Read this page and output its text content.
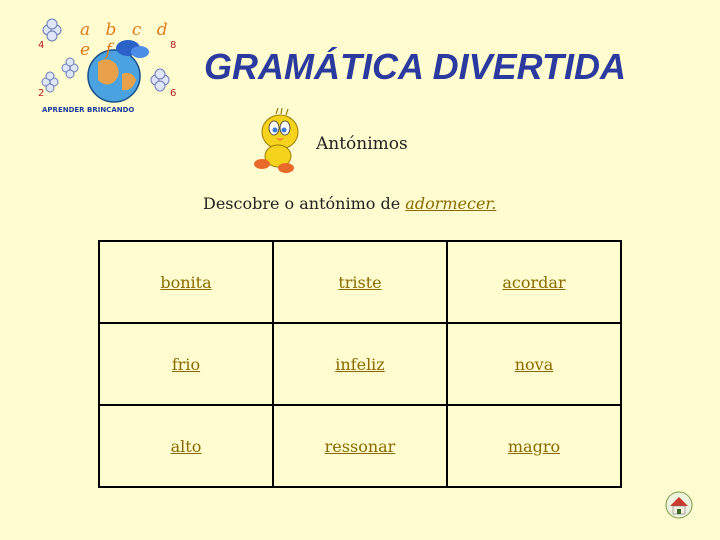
4	8
2	6
a b c d e f
APRENDER BRINCANDO
GRAMÁTICA DIVERTIDA
Antónimos
Descobre o antónimo de adormecer.
bonita	triste	acordar
frio	infeliz	nova
alto	ressonar	magro
